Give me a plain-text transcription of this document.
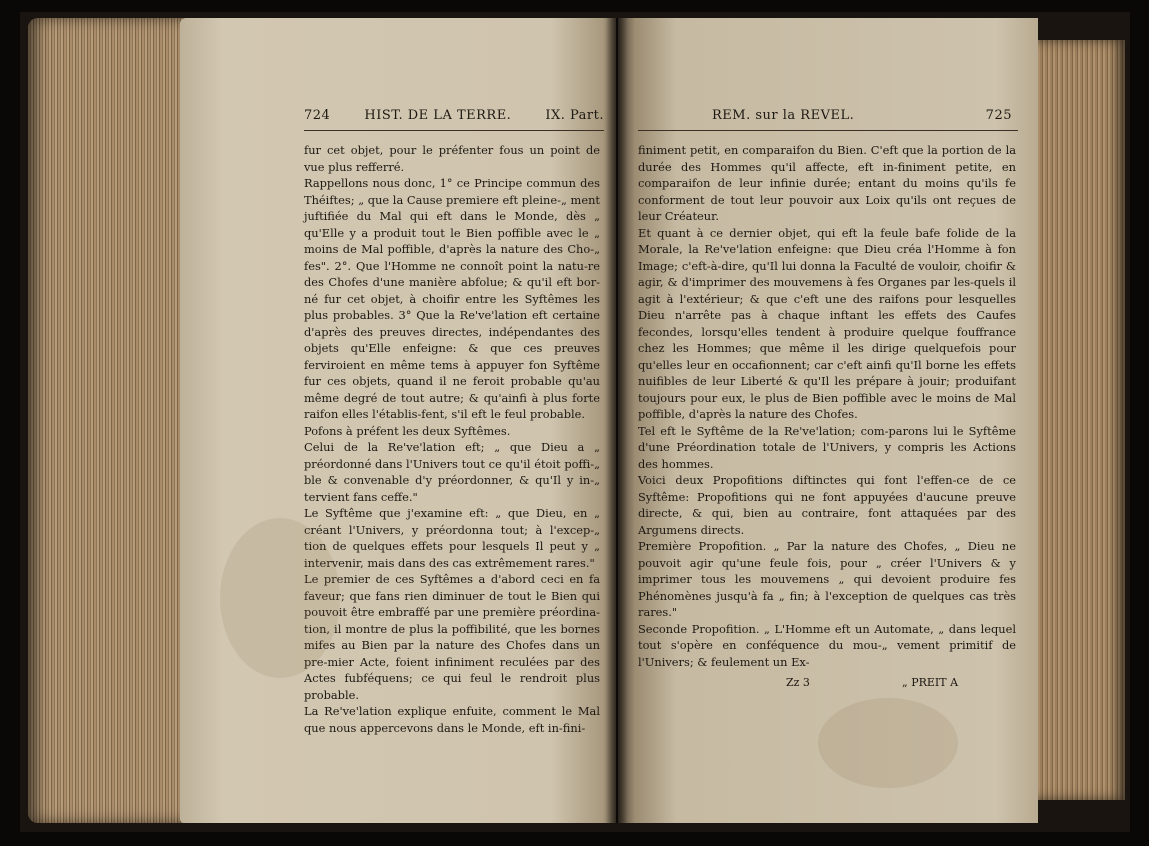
724	HIST. DE LA TERRE.	IX. Part.
fur cet objet, pour le préfenter fous un point de vue plus refferré.
Rappellons nous donc, 1° ce Principe commun des Théiftes; „ que la Cause premiere eft pleine-„ ment juftifiée du Mal qui eft dans le Monde, dès „ qu'Elle y a produit tout le Bien poffible avec le „ moins de Mal poffible, d'après la nature des Cho-„ fes". 2°. Que l'Homme ne connoît point la natu-re des Chofes d'une manière abfolue; & qu'il eft bor-né fur cet objet, à choifir entre les Syftêmes les plus probables. 3° Que la Re've'lation eft certaine d'après des preuves directes, indépendantes des objets qu'Elle enfeigne: & que ces preuves ferviroient en même tems à appuyer fon Syftême fur ces objets, quand il ne feroit probable qu'au même degré de tout autre; & qu'ainfi à plus forte raifon elles l'établis-fent, s'il eft le feul probable.
Pofons à préfent les deux Syftêmes.
Celui de la Re've'lation eft; „ que Dieu a „ préordonné dans l'Univers tout ce qu'il étoit poffi-„ ble & convenable d'y préordonner, & qu'Il y in-„ tervient fans ceffe."
Le Syftême que j'examine eft: „ que Dieu, en „ créant l'Univers, y préordonna tout; à l'excep-„ tion de quelques effets pour lesquels Il peut y „ intervenir, mais dans des cas extrêmement rares."
Le premier de ces Syftêmes a d'abord ceci en fa faveur; que fans rien diminuer de tout le Bien qui pouvoit être embraffé par une première préordina-tion, il montre de plus la poffibilité, que les bornes mifes au Bien par la nature des Chofes dans un pre-mier Acte, foient infiniment reculées par des Actes fubféquens; ce qui feul le rendroit plus probable.
La Re've'lation explique enfuite, comment le Mal que nous appercevons dans le Monde, eft in-fini-
REM. sur la REVEL.	725
finiment petit, en comparaifon du Bien. C'eft que la portion de la durée des Hommes qu'il affecte, eft in-finiment petite, en comparaifon de leur infinie durée; entant du moins qu'ils fe conforment de tout leur pouvoir aux Loix qu'ils ont reçues de leur Créateur.
Et quant à ce dernier objet, qui eft la feule bafe folide de la Morale, la Re've'lation enfeigne: que Dieu créa l'Homme à fon Image; c'eft-à-dire, qu'Il lui donna la Faculté de vouloir, choifir & agir, & d'imprimer des mouvemens à fes Organes par les-quels il agit à l'extérieur; & que c'eft une des raifons pour lesquelles Dieu n'arrête pas à chaque inftant les effets des Caufes fecondes, lorsqu'elles tendent à produire quelque fouffrance chez les Hommes; que même il les dirige quelquefois pour qu'elles leur en occafionnent; car c'eft ainfi qu'Il borne les effets nuifibles de leur Liberté & qu'Il les prépare à jouir; produifant toujours pour eux, le plus de Bien poffible avec le moins de Mal poffible, d'après la nature des Chofes.
Tel eft le Syftême de la Re've'lation; com-parons lui le Syftême d'une Préordination totale de l'Univers, y compris les Actions des hommes.
Voici deux Propofitions diftinctes qui font l'effen-ce de ce Syftême: Propofitions qui ne font appuyées d'aucune preuve directe, & qui, bien au contraire, font attaquées par des Argumens directs.
Première Propofition. „ Par la nature des Chofes, „ Dieu ne pouvoit agir qu'une feule fois, pour „ créer l'Univers & y imprimer tous les mouvemens „ qui devoient produire fes Phénomènes jusqu'à fa „ fin; à l'exception de quelques cas très rares."
Seconde Propofition. „ L'Homme eft un Automate, „ dans lequel tout s'opère en conféquence du mou-„ vement primitif de l'Univers; & feulement un Ex-
Zz 3	„ PREIT A
